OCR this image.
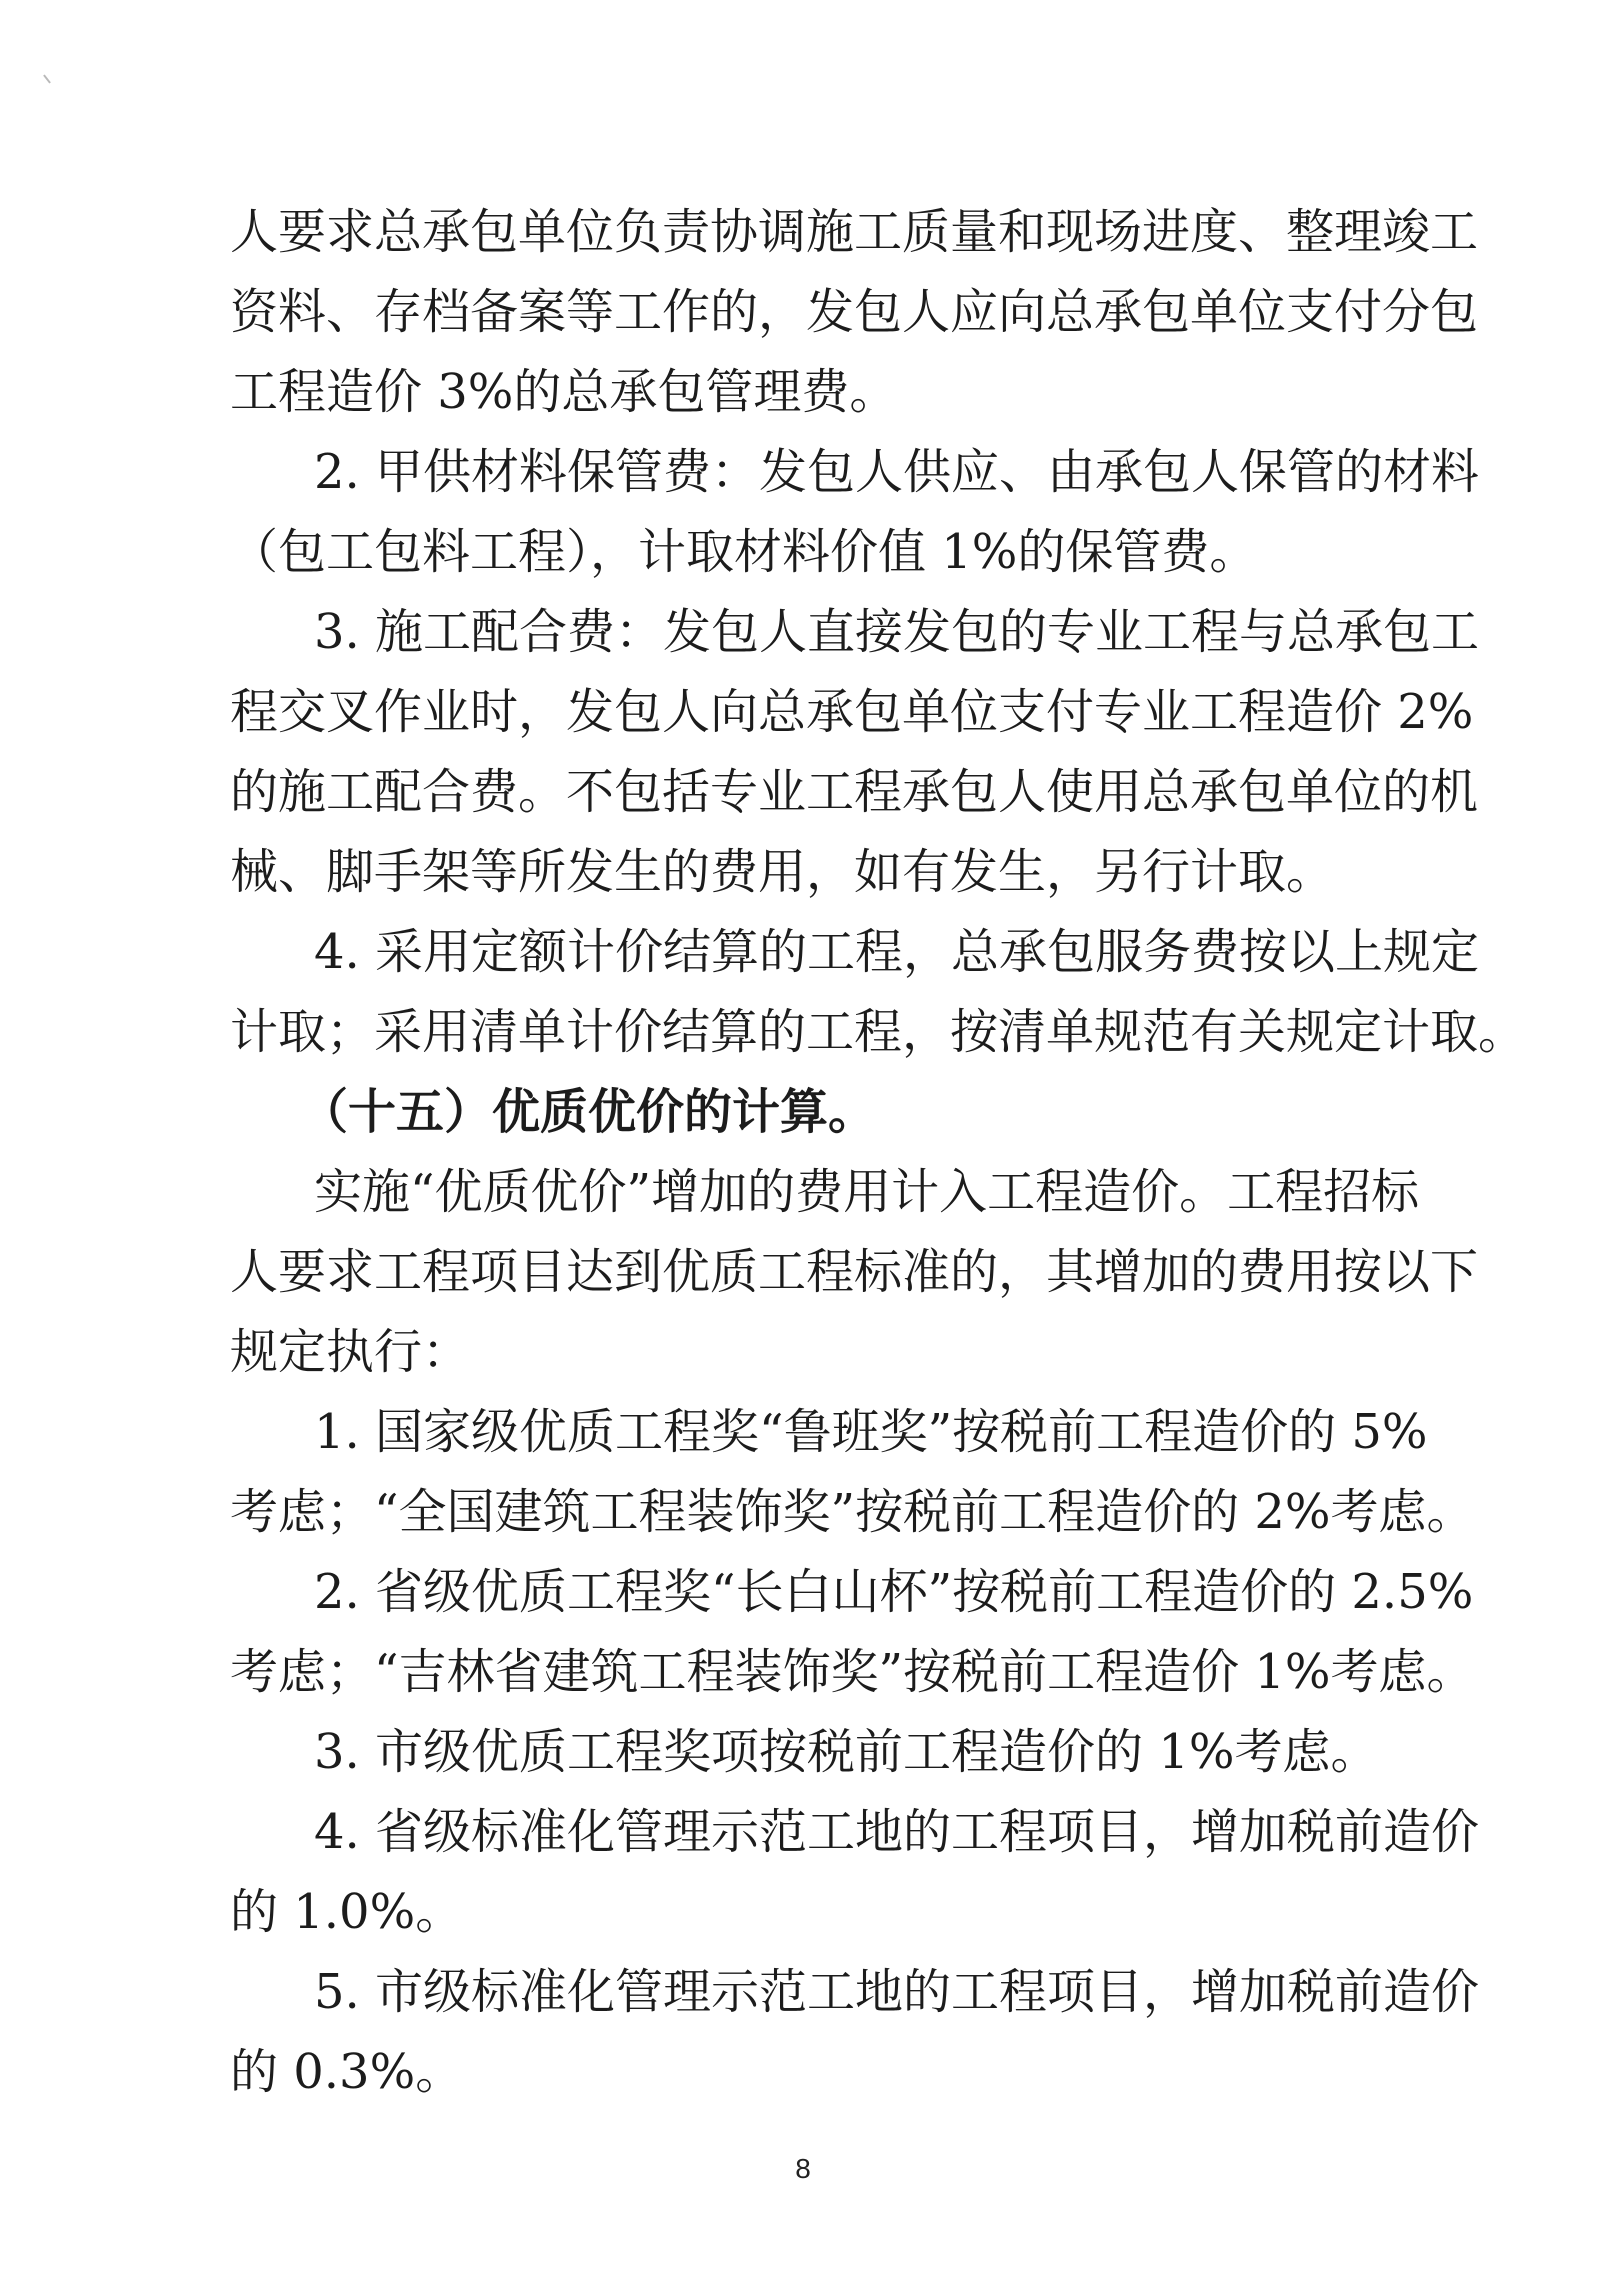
人要求总承包单位负责协调施工质量和现场进度、整理竣工

资料、存档备案等工作的，发包人应向总承包单位支付分包

工程造价 3%的总承包管理费。

2. 甲供材料保管费：发包人供应、由承包人保管的材料

（包工包料工程），计取材料价值 1%的保管费。

3. 施工配合费：发包人直接发包的专业工程与总承包工

程交叉作业时，发包人向总承包单位支付专业工程造价 2%

的施工配合费。不包括专业工程承包人使用总承包单位的机

械、脚手架等所发生的费用，如有发生，另行计取。

4. 采用定额计价结算的工程，总承包服务费按以上规定

计取；采用清单计价结算的工程，按清单规范有关规定计取。

（十五）优质优价的计算。

实施“优质优价”增加的费用计入工程造价。工程招标

人要求工程项目达到优质工程标准的，其增加的费用按以下

规定执行：

1. 国家级优质工程奖“鲁班奖”按税前工程造价的 5%

考虑；“全国建筑工程装饰奖”按税前工程造价的 2%考虑。

2. 省级优质工程奖“长白山杯”按税前工程造价的 2.5%

考虑；“吉林省建筑工程装饰奖”按税前工程造价 1%考虑。

3. 市级优质工程奖项按税前工程造价的 1%考虑。

4. 省级标准化管理示范工地的工程项目，增加税前造价

的 1.0%。

5. 市级标准化管理示范工地的工程项目，增加税前造价

的 0.3%。

8
